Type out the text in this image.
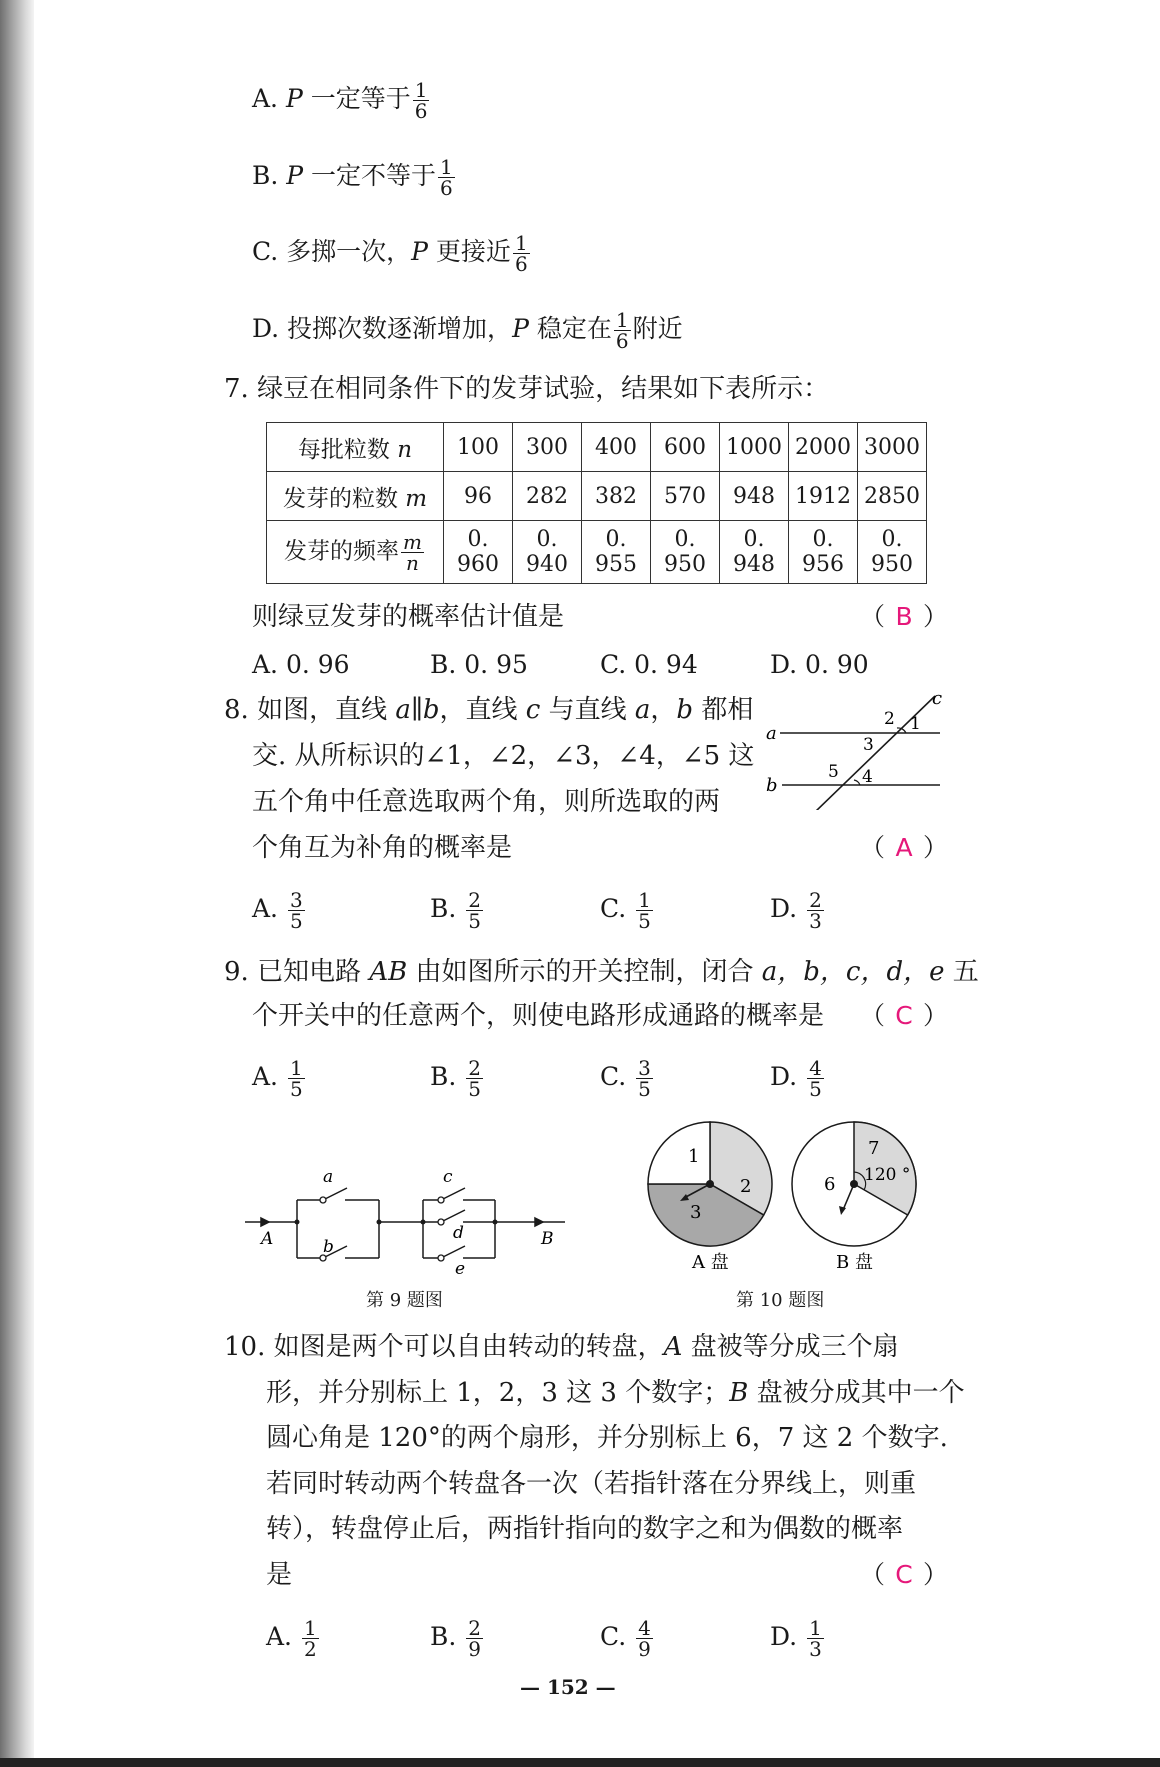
A. P 一定等于 $\frac{1}{6}$
B. P 一定不等于 $\frac{1}{6}$
C. 多掷一次，P 更接近 $\frac{1}{6}$
D. 投掷次数逐渐增加，P 稳定在 $\frac{1}{6}$ 附近
7. 绿豆在相同条件下的发芽试验，结果如下表所示：
每批粒数 n	100	300	400	600	1000	2000	3000
发芽的粒数 m	96	282	382	570	948	1912	2850
发芽的频率 $\frac{m}{n}$	0. 960	0. 940	0. 955	0. 950	0. 948	0. 956	0. 950
则绿豆发芽的概率估计值是	（ B ）
A. 0. 96	B. 0. 95	C. 0. 94	D. 0. 90
8. 如图，直线 a∥b，直线 c 与直线 a，b 都相
交. 从所标识的∠1，∠2，∠3，∠4，∠5 这
五个角中任意选取两个角，则所选取的两
个角互为补角的概率是	（ A ）
a
b
c
1
2
3
4
5
A. $\frac{3}{5}$	B. $\frac{2}{5}$	C. $\frac{1}{5}$	D. $\frac{2}{3}$
9. 已知电路 AB 由如图所示的开关控制，闭合 a，b，c，d，e 五
个开关中的任意两个，则使电路形成通路的概率是 （ C ）
A. $\frac{1}{5}$	B. $\frac{2}{5}$	C. $\frac{3}{5}$	D. $\frac{4}{5}$
A	B
a
b
c
d
e
1
2
3
A 盘
7
120 °
6
B 盘
第 9 题图	第 10 题图
10. 如图是两个可以自由转动的转盘，A 盘被等分成三个扇
形，并分别标上 1，2，3 这 3 个数字；B 盘被分成其中一个
圆心角是 120°的两个扇形，并分别标上 6，7 这 2 个数字.
若同时转动两个转盘各一次（若指针落在分界线上，则重
转），转盘停止后，两指针指向的数字之和为偶数的概率
是	（ C ）
A. $\frac{1}{2}$	B. $\frac{2}{9}$	C. $\frac{4}{9}$	D. $\frac{1}{3}$
— 152 —
